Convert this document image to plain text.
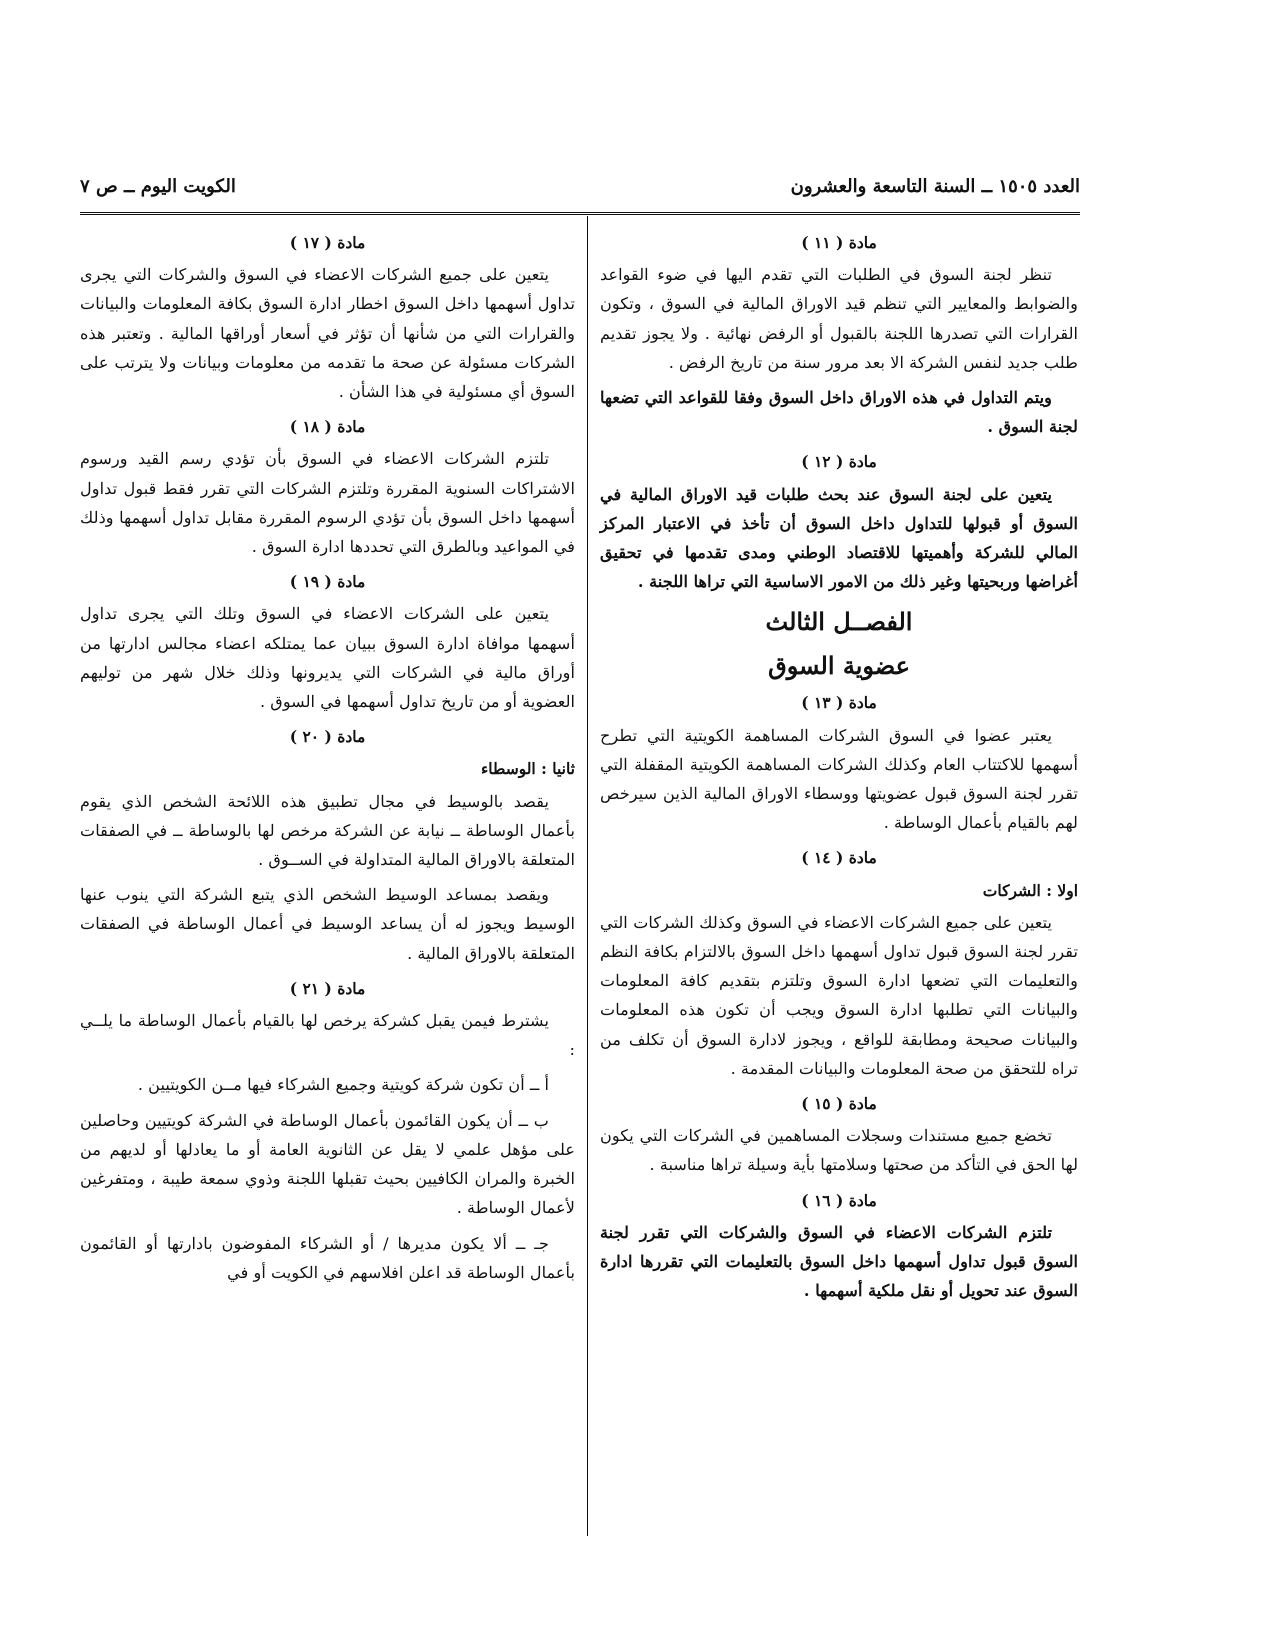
العدد ١٥٠٥ ــ السنة التاسعة والعشرون
الكويت اليوم ــ ص ٧
مادة ( ١١ )

تنظر لجنة السوق في الطلبات التي تقدم اليها في ضوء القواعد والضوابط والمعايير التي تنظم قيد الاوراق المالية في السوق ، وتكون القرارات التي تصدرها اللجنة بالقبول أو الرفض نهائية . ولا يجوز تقديم طلب جديد لنفس الشركة الا بعد مرور سنة من تاريخ الرفض .

ويتم التداول في هذه الاوراق داخل السوق وفقا للقواعد التي تضعها لجنة السوق .

مادة ( ١٢ )

يتعين على لجنة السوق عند بحث طلبات قيد الاوراق المالية في السوق أو قبولها للتداول داخل السوق أن تأخذ في الاعتبار المركز المالي للشركة وأهميتها للاقتصاد الوطني ومدى تقدمها في تحقيق أغراضها وربحيتها وغير ذلك من الامور الاساسية التي تراها اللجنة .

الفصــل الثالث
عضوية السوق
مادة ( ١٣ )

يعتبر عضوا في السوق الشركات المساهمة الكويتية التي تطرح أسهمها للاكتتاب العام وكذلك الشركات المساهمة الكويتية المقفلة التي تقرر لجنة السوق قبول عضويتها ووسطاء الاوراق المالية الذين سيرخص لهم بالقيام بأعمال الوساطة .

مادة ( ١٤ )
اولا : الشركات

يتعين على جميع الشركات الاعضاء في السوق وكذلك الشركات التي تقرر لجنة السوق قبول تداول أسهمها داخل السوق بالالتزام بكافة النظم والتعليمات التي تضعها ادارة السوق وتلتزم بتقديم كافة المعلومات والبيانات التي تطلبها ادارة السوق ويجب أن تكون هذه المعلومات والبيانات صحيحة ومطابقة للواقع ، ويجوز لادارة السوق أن تكلف من تراه للتحقق من صحة المعلومات والبيانات المقدمة .

مادة ( ١٥ )

تخضع جميع مستندات وسجلات المساهمين في الشركات التي يكون لها الحق في التأكد من صحتها وسلامتها بأية وسيلة تراها مناسبة .

مادة ( ١٦ )

تلتزم الشركات الاعضاء في السوق والشركات التي تقرر لجنة السوق قبول تداول أسهمها داخل السوق بالتعليمات التي تقررها ادارة السوق عند تحويل أو نقل ملكية أسهمها .

مادة ( ١٧ )

يتعين على جميع الشركات الاعضاء في السوق والشركات التي يجرى تداول أسهمها داخل السوق اخطار ادارة السوق بكافة المعلومات والبيانات والقرارات التي من شأنها أن تؤثر في أسعار أوراقها المالية . وتعتبر هذه الشركات مسئولة عن صحة ما تقدمه من معلومات وبيانات ولا يترتب على السوق أي مسئولية في هذا الشأن .

مادة ( ١٨ )

تلتزم الشركات الاعضاء في السوق بأن تؤدي رسم القيد ورسوم الاشتراكات السنوية المقررة وتلتزم الشركات التي تقرر فقط قبول تداول أسهمها داخل السوق بأن تؤدي الرسوم المقررة مقابل تداول أسهمها وذلك في المواعيد وبالطرق التي تحددها ادارة السوق .

مادة ( ١٩ )

يتعين على الشركات الاعضاء في السوق وتلك التي يجرى تداول أسهمها موافاة ادارة السوق ببيان عما يمتلكه اعضاء مجالس ادارتها من أوراق مالية في الشركات التي يديرونها وذلك خلال شهر من توليهم العضوية أو من تاريخ تداول أسهمها في السوق .

مادة ( ٢٠ )
ثانيا : الوسطاء

يقصد بالوسيط في مجال تطبيق هذه اللائحة الشخص الذي يقوم بأعمال الوساطة ــ نيابة عن الشركة مرخص لها بالوساطة ــ في الصفقات المتعلقة بالاوراق المالية المتداولة في الســوق .

ويقصد بمساعد الوسيط الشخص الذي يتبع الشركة التي ينوب عنها الوسيط ويجوز له أن يساعد الوسيط في أعمال الوساطة في الصفقات المتعلقة بالاوراق المالية .

مادة ( ٢١ )

يشترط فيمن يقبل كشركة يرخص لها بالقيام بأعمال الوساطة ما يلــي :

أ ــ أن تكون شركة كويتية وجميع الشركاء فيها مــن الكويتيين .

ب ــ أن يكون القائمون بأعمال الوساطة في الشركة كويتيين وحاصلين على مؤهل علمي لا يقل عن الثانوية العامة أو ما يعادلها أو لديهم من الخبرة والمران الكافيين بحيث تقبلها اللجنة وذوي سمعة طيبة ، ومتفرغين لأعمال الوساطة .

جـ ــ ألا يكون مديرها / أو الشركاء المفوضون بادارتها أو القائمون بأعمال الوساطة قد اعلن افلاسهم في الكويت أو في
